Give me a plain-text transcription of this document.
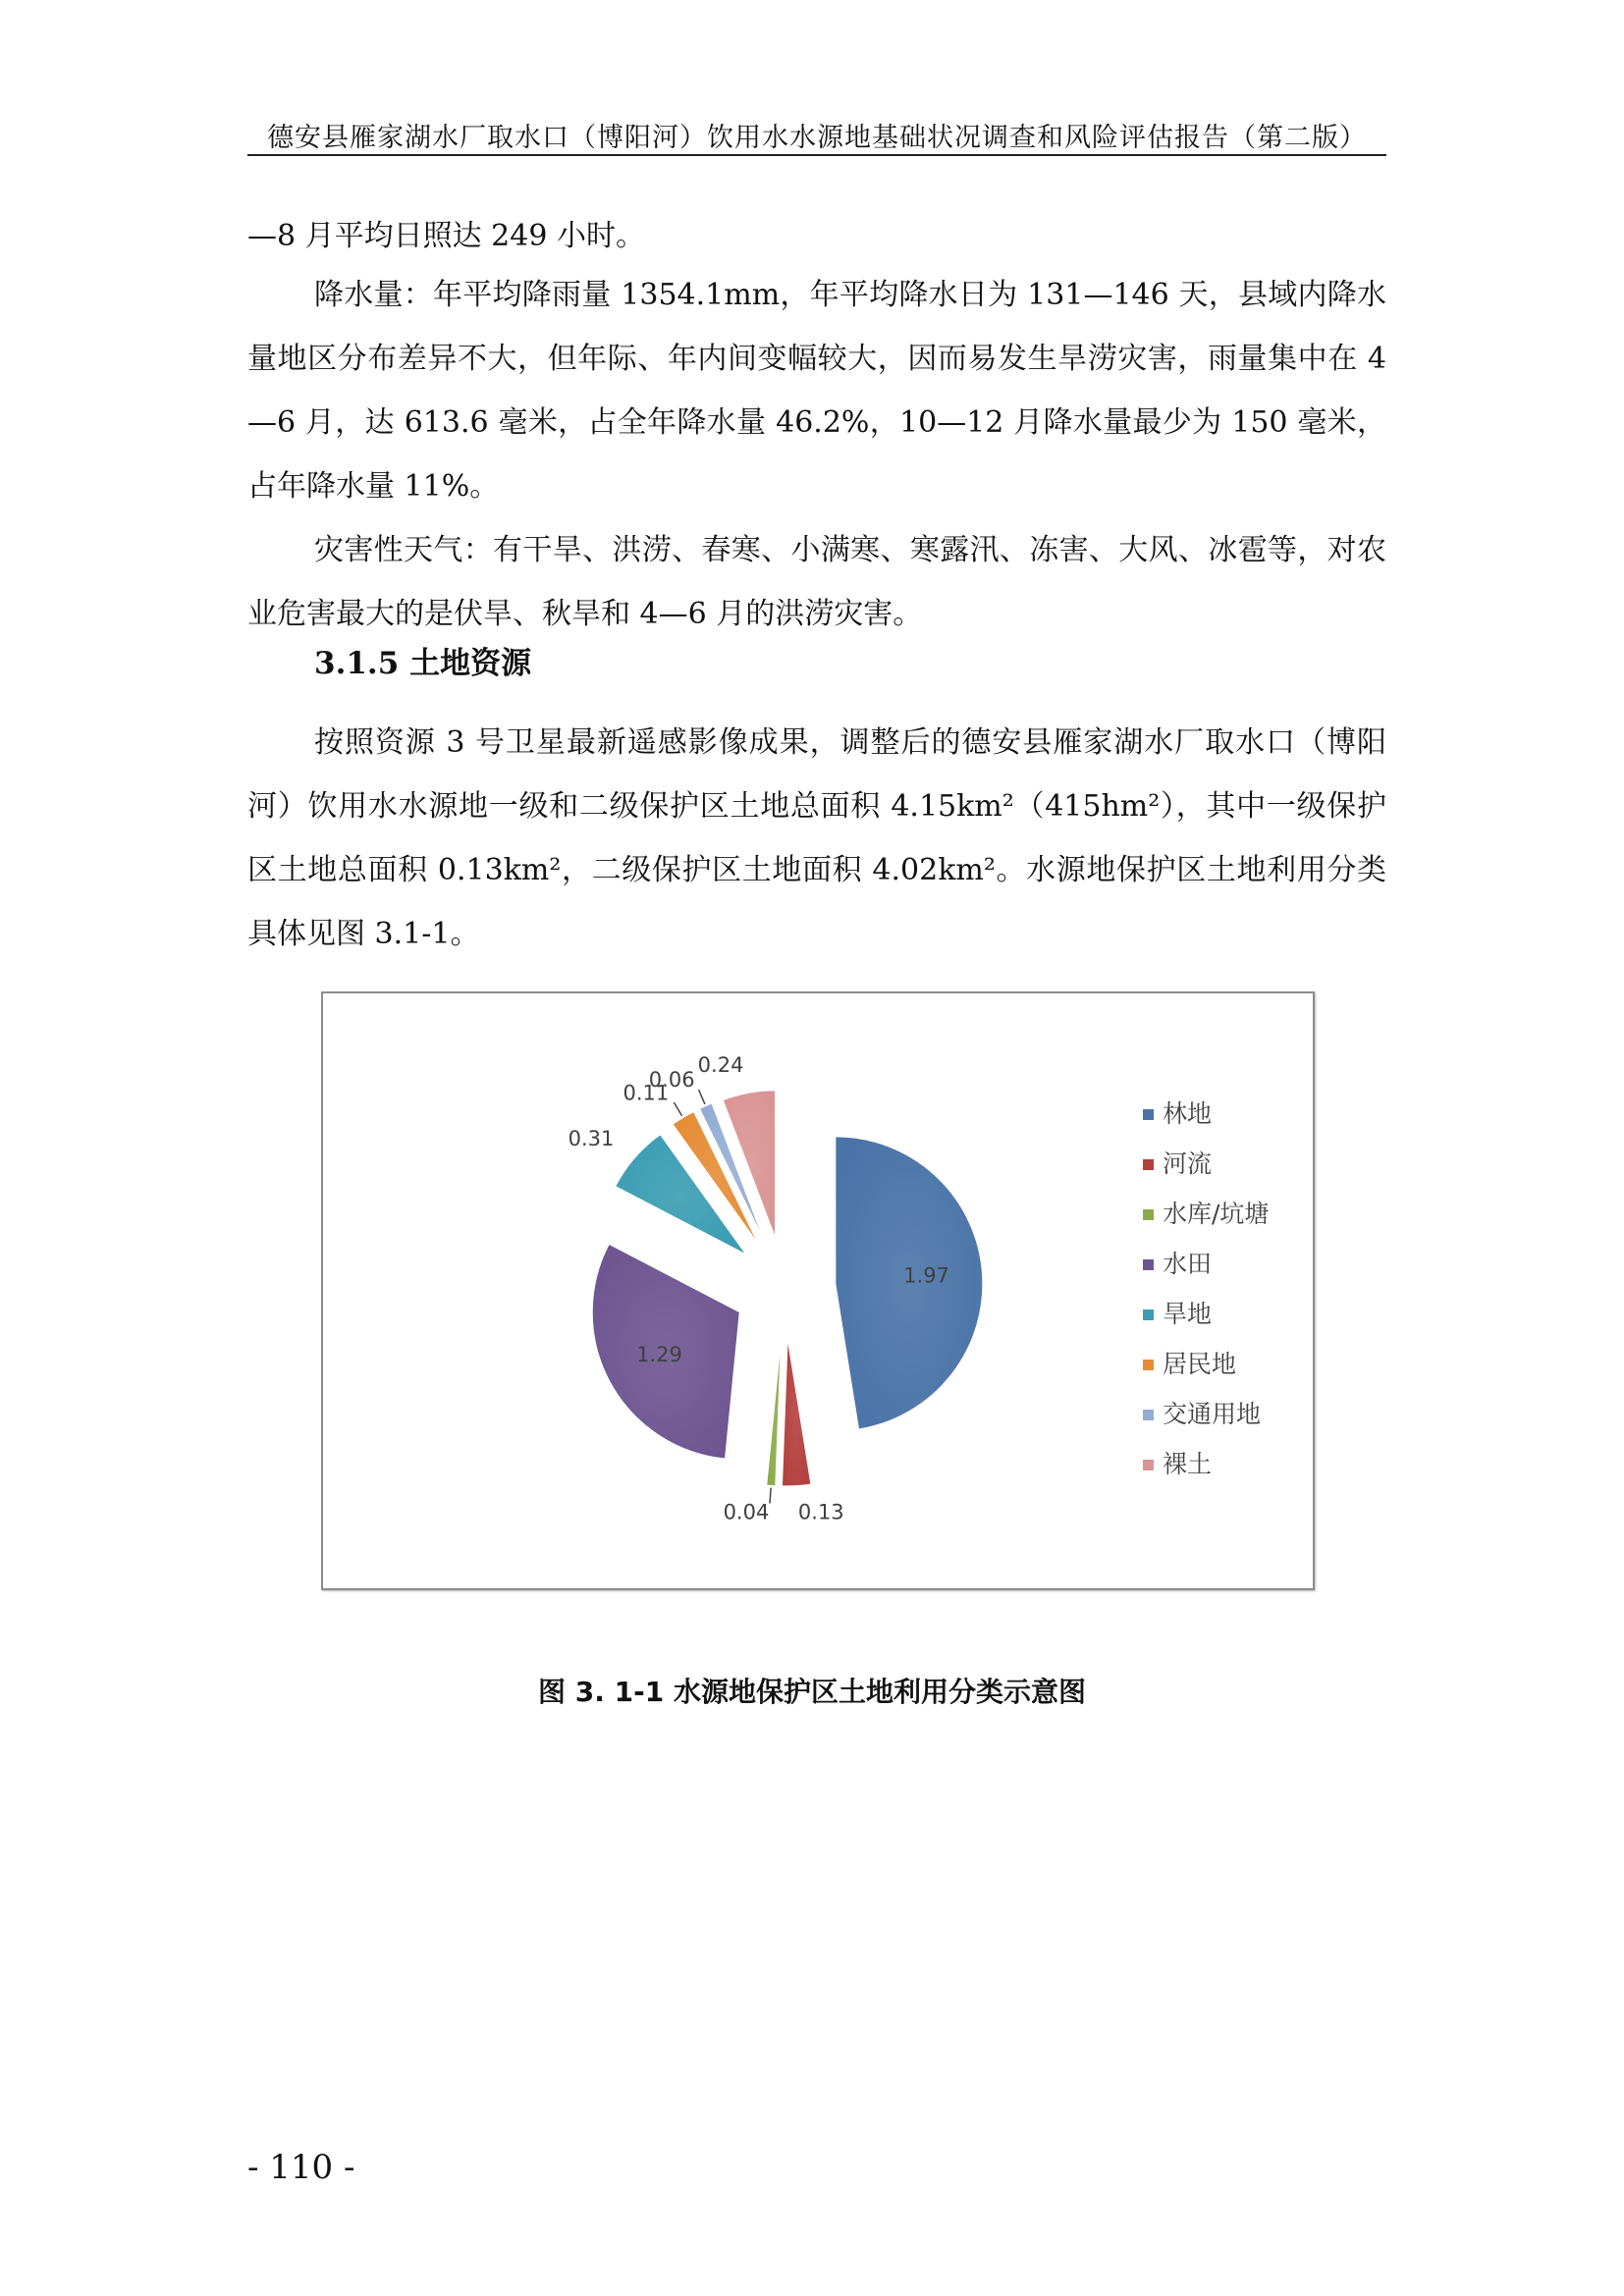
德安县雁家湖水厂取水口（博阳河）饮用水水源地基础状况调查和风险评估报告（第二版）
—8 月平均日照达 249 小时。
降水量：年平均降雨量 1354.1mm，年平均降水日为 131—146 天，县域内降水量地区分布差异不大，但年际、年内间变幅较大，因而易发生旱涝灾害，雨量集中在 4—6 月，达 613.6 毫米，占全年降水量 46.2%，10—12 月降水量最少为 150 毫米，占年降水量 11%。
灾害性天气：有干旱、洪涝、春寒、小满寒、寒露汛、冻害、大风、冰雹等，对农业危害最大的是伏旱、秋旱和 4—6 月的洪涝灾害。
3.1.5 土地资源
按照资源 3 号卫星最新遥感影像成果，调整后的德安县雁家湖水厂取水口（博阳河）饮用水水源地一级和二级保护区土地总面积 4.15km²（415hm²），其中一级保护区土地总面积 0.13km²，二级保护区土地面积 4.02km²。水源地保护区土地利用分类具体见图 3.1-1。
1.97
0.13
0.04
1.29
0.31
0.11
0.06
0.24
林地
河流
水库/坑塘
水田
旱地
居民地
交通用地
裸土
图 3. 1-1 水源地保护区土地利用分类示意图
- 110 -
